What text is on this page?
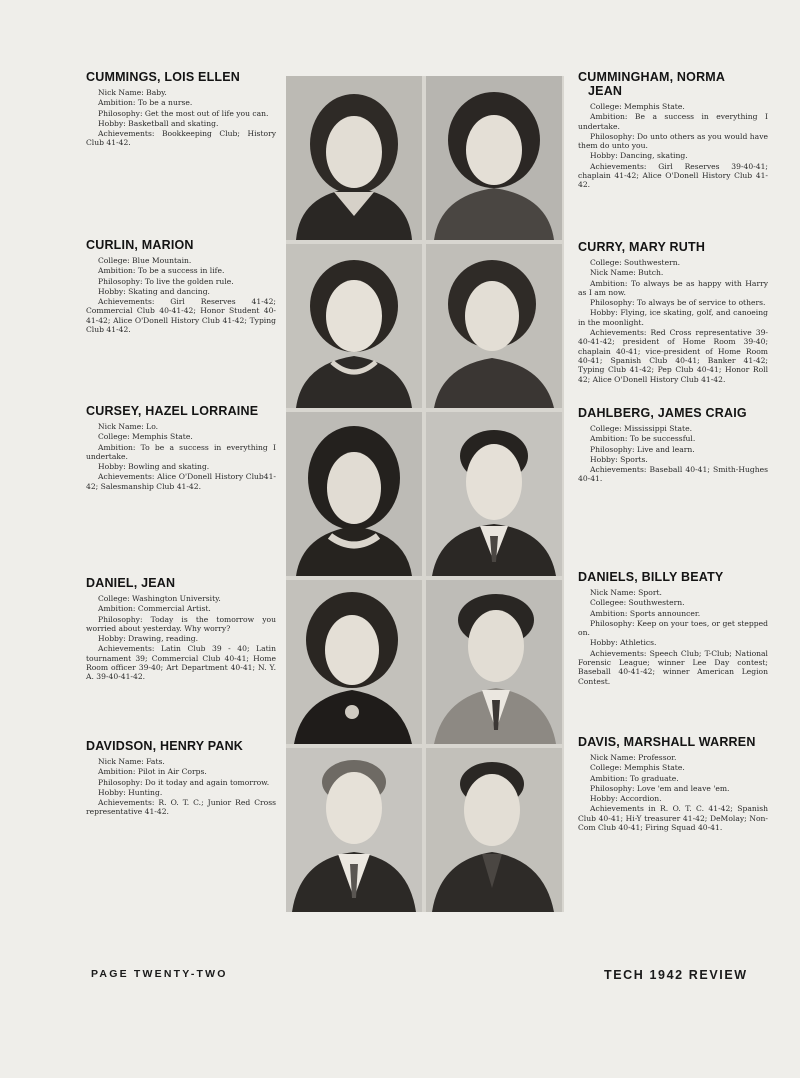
CUMMINGS, LOIS ELLEN

Nick Name: Baby.

Ambition: To be a nurse.

Philosophy: Get the most out of life you can.

Hobby: Basketball and skating.

Achievements: Bookkeeping Club; History Club 41-42.

CURLIN, MARION

College: Blue Mountain.

Ambition: To be a success in life.

Philosophy: To live the golden rule.

Hobby: Skating and dancing.

Achievements: Girl Reserves 41-42; Commercial Club 40-41-42; Honor Student 40-41-42; Alice O'Donell History Club 41-42; Typing Club 41-42.

CURSEY, HAZEL LORRAINE

Nick Name: Lo.

College: Memphis State.

Ambition: To be a success in everything I undertake.

Hobby: Bowling and skating.

Achievements: Alice O'Donell History Club41-42; Salesmanship Club 41-42.

DANIEL, JEAN

College: Washington University.

Ambition: Commercial Artist.

Philosophy: Today is the tomorrow you worried about yesterday. Why worry?

Hobby: Drawing, reading.

Achievements: Latin Club 39 - 40; Latin tournament 39; Commercial Club 40-41; Home Room officer 39-40; Art Department 40-41; N. Y. A. 39-40-41-42.

DAVIDSON, HENRY PANK

Nick Name: Fats.

Ambition: Pilot in Air Corps.

Philosophy: Do it today and again tomorrow.

Hobby: Hunting.

Achievements: R. O. T. C.; Junior Red Cross representative 41-42.

CUMMINGHAM, NORMA
JEAN

College: Memphis State.

Ambition: Be a success in everything I undertake.

Philosophy: Do unto others as you would have them do unto you.

Hobby: Dancing, skating.

Achievements: Girl Reserves 39-40-41; chaplain 41-42; Alice O'Donell History Club 41-42.

CURRY, MARY RUTH

College: Southwestern.

Nick Name: Butch.

Ambition: To always be as happy with Harry as I am now.

Philosophy: To always be of service to others.

Hobby: Flying, ice skating, golf, and canoeing in the moonlight.

Achievements: Red Cross representative 39-40-41-42; president of Home Room 39-40; chaplain 40-41; vice-president of Home Room 40-41; Spanish Club 40-41; Banker 41-42; Typing Club 41-42; Pep Club 40-41; Honor Roll 42; Alice O'Donell History Club 41-42.

DAHLBERG, JAMES CRAIG

College: Mississippi State.

Ambition: To be successful.

Philosophy: Live and learn.

Hobby: Sports.

Achievements: Baseball 40-41; Smith-Hughes 40-41.

DANIELS, BILLY BEATY

Nick Name: Sport.

Collegee: Southwestern.

Ambition: Sports announcer.

Philosophy: Keep on your toes, or get stepped on.

Hobby: Athletics.

Achievements: Speech Club; T-Club; National Forensic League; winner Lee Day contest; Baseball 40-41-42; winner American Legion Contest.

DAVIS, MARSHALL WARREN

Nick Name: Professor.

College: Memphis State.

Ambition: To graduate.

Philosophy: Love 'em and leave 'em.

Hobby: Accordion.

Achievements in R. O. T. C. 41-42; Spanish Club 40-41; Hi-Y treasurer 41-42; DeMolay; Non-Com Club 40-41; Firing Squad 40-41.

PAGE TWENTY-TWO	TECH 1942 REVIEW
